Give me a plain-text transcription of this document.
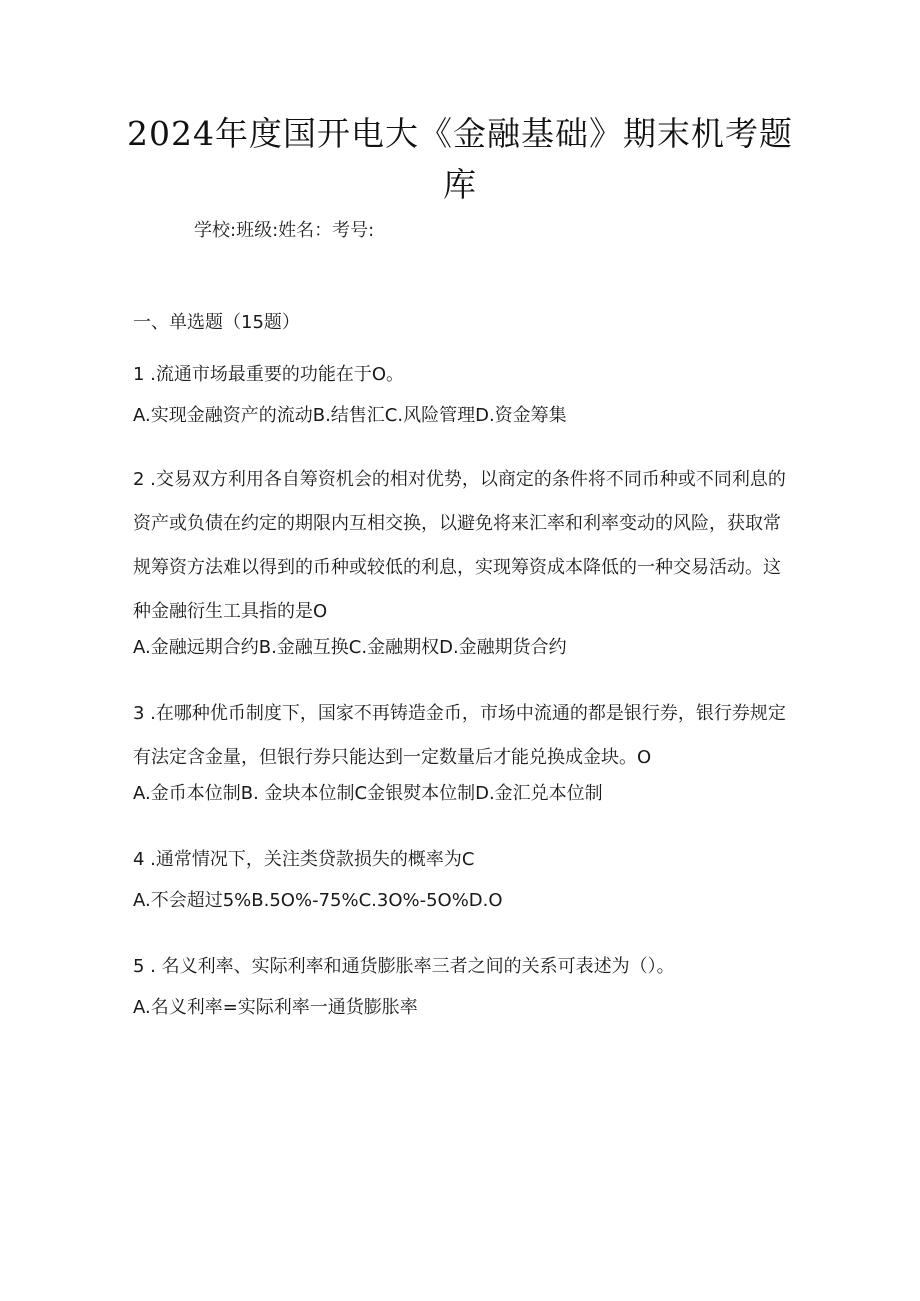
2024年度国开电大《金融基础》期末机考题
库
学校:班级:姓名：考号:
一、单选题（15题）

1 .流通市场最重要的功能在于O。

A.实现金融资产的流动B.结售汇C.风险管理D.资金筹集

2 .交易双方利用各自筹资机会的相对优势，以商定的条件将不同币种或不同利息的资产或负债在约定的期限内互相交换，以避免将来汇率和利率变动的风险，获取常规筹资方法难以得到的币种或较低的利息，实现筹资成本降低的一种交易活动。这种金融衍生工具指的是O

A.金融远期合约B.金融互换C.金融期权D.金融期货合约

3 .在哪种优币制度下，国家不再铸造金币，市场中流通的都是银行券，银行券规定有法定含金量，但银行券只能达到一定数量后才能兑换成金块。O

A.金币本位制B. 金块本位制C金银熨本位制D.金汇兑本位制

4 .通常情况下，关注类贷款损失的概率为C

A.不会超过5%B.5O%-75%C.3O%-5O%D.O

5 . 名义利率、实际利率和通货膨胀率三者之间的关系可表述为（）。

A.名义利率=实际利率一通货膨胀率
